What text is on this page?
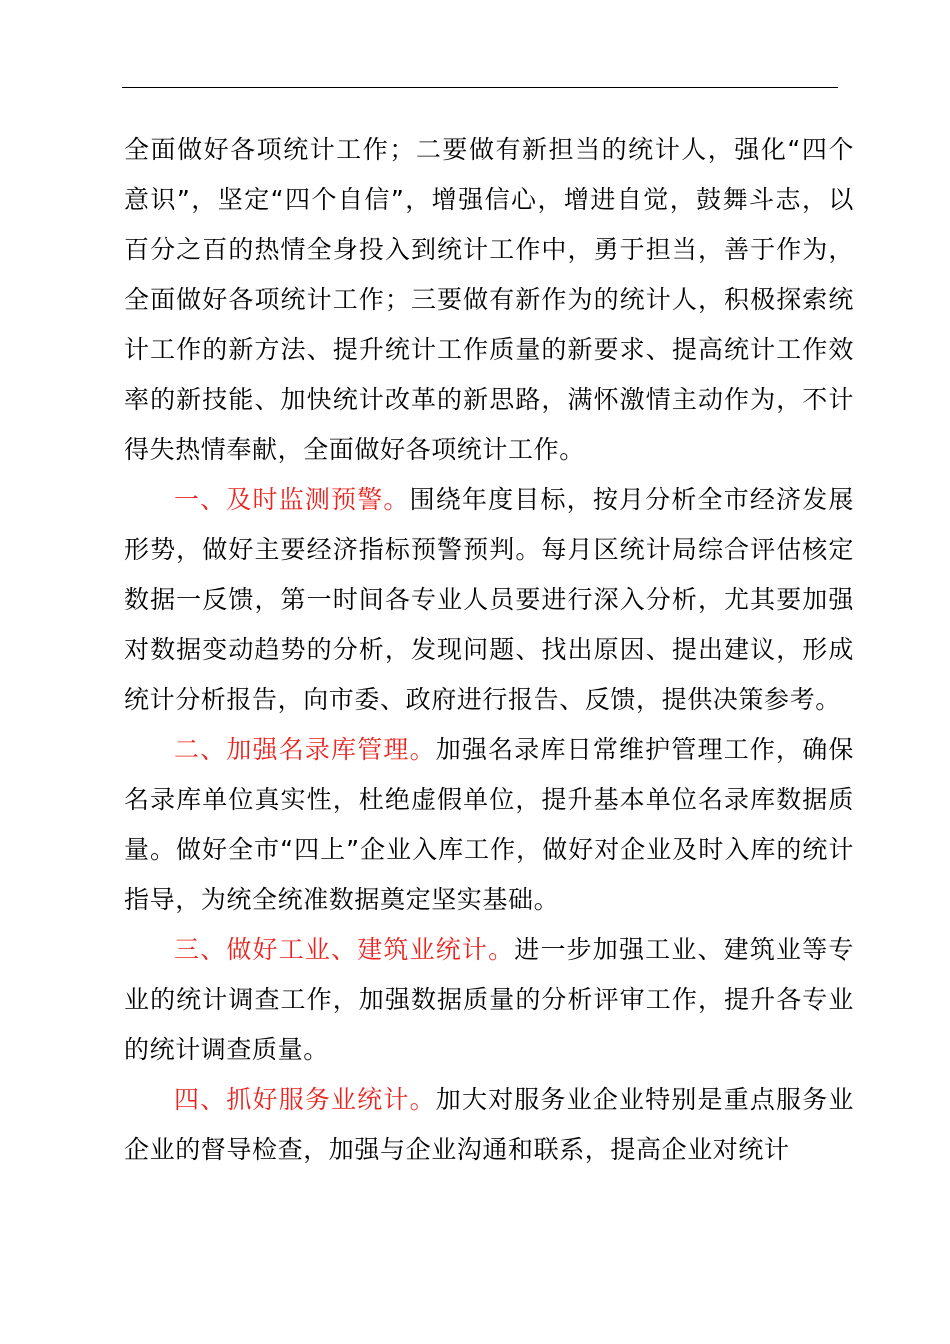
全面做好各项统计工作；二要做有新担当的统计人，强化“四个意识”，坚定“四个自信”，增强信心，增进自觉，鼓舞斗志，以百分之百的热情全身投入到统计工作中，勇于担当，善于作为，全面做好各项统计工作；三要做有新作为的统计人，积极探索统计工作的新方法、提升统计工作质量的新要求、提高统计工作效率的新技能、加快统计改革的新思路，满怀激情主动作为，不计得失热情奉献，全面做好各项统计工作。

一、及时监测预警。围绕年度目标，按月分析全市经济发展形势，做好主要经济指标预警预判。每月区统计局综合评估核定数据一反馈，第一时间各专业人员要进行深入分析，尤其要加强对数据变动趋势的分析，发现问题、找出原因、提出建议，形成统计分析报告，向市委、政府进行报告、反馈，提供决策参考。

二、加强名录库管理。加强名录库日常维护管理工作，确保名录库单位真实性，杜绝虚假单位，提升基本单位名录库数据质量。做好全市“四上”企业入库工作，做好对企业及时入库的统计指导，为统全统准数据奠定坚实基础。

三、做好工业、建筑业统计。进一步加强工业、建筑业等专业的统计调查工作，加强数据质量的分析评审工作，提升各专业的统计调查质量。

四、抓好服务业统计。加大对服务业企业特别是重点服务业企业的督导检查，加强与企业沟通和联系，提高企业对统计
